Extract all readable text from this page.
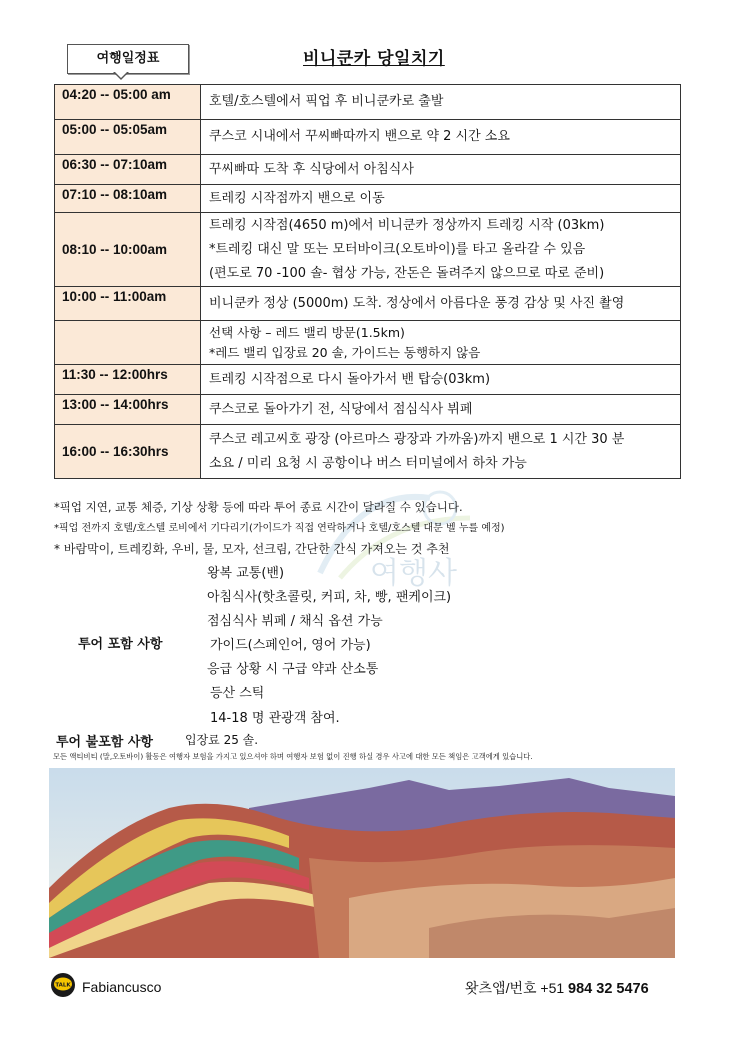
여행일정표	비니쿤카 당일치기
04:20 -- 05:00 am	호텔/호스텔에서 픽업 후 비니쿤카로 출발

05:00 -- 05:05am	쿠스코 시내에서 꾸씨빠따까지 밴으로 약 2 시간 소요

06:30 -- 07:10am	꾸씨빠따 도착 후 식당에서 아침식사

07:10 -- 08:10am	트레킹 시작점까지 밴으로 이동

08:10 -- 10:00am	트레킹 시작점(4650 m)에서 비니쿤카 정상까지 트레킹 시작 (03km)
*트레킹 대신 말 또는 모터바이크(오토바이)를 타고 올라갈 수 있음
(편도로 70 -100 솔- 협상 가능, 잔돈은 돌려주지 않으므로 따로 준비)

10:00 -- 11:00am	비니쿤카 정상 (5000m) 도착. 정상에서 아름다운 풍경 감상 및 사진 촬영

	선택 사항 – 레드 밸리 방문(1.5km)
*레드 밸리 입장료 20 솔, 가이드는 동행하지 않음

11:30 -- 12:00hrs	트레킹 시작점으로 다시 돌아가서 밴 탑승(03km)

13:00 -- 14:00hrs	쿠스코로 돌아가기 전, 식당에서 점심식사 뷔페

16:00 -- 16:30hrs	쿠스코 레고씨호 광장 (아르마스 광장과 가까움)까지 밴으로 1 시간 30 분
소요 / 미리 요청 시 공항이나 버스 터미널에서 하차 가능
여행사
*픽업 지연, 교통 체증, 기상 상황 등에 따라 투어 종료 시간이 달라질 수 있습니다.
*픽업 전까지 호텔/호스텔 로비에서 기다리기(가이드가 직접 연락하거나 호텔/호스텔 대문 벨 누를 예정)
* 바람막이, 트레킹화, 우비, 물, 모자, 선크림, 간단한 간식 가져오는 것 추천
투어 포함 사항
왕복 교통(밴)
아침식사(핫초콜릿, 커피, 차, 빵, 팬케이크)
점심식사 뷔페 / 채식 옵션 가능
가이드(스페인어, 영어 가능)
응급 상황 시 구급 약과 산소통
등산 스틱
14-18 명 관광객 참여.
투어 불포함 사항	입장료 25 솔.
모든 액티비티 (말,오토바이) 활동은 여행자 보험을 가지고 있으셔야 하며 여행자 보험 없이 진행 하실 경우 사고에 대한 모든 책임은 고객에게 있습니다.
TALK Fabiancusco	왓츠앱/번호 +51 984 32 5476
